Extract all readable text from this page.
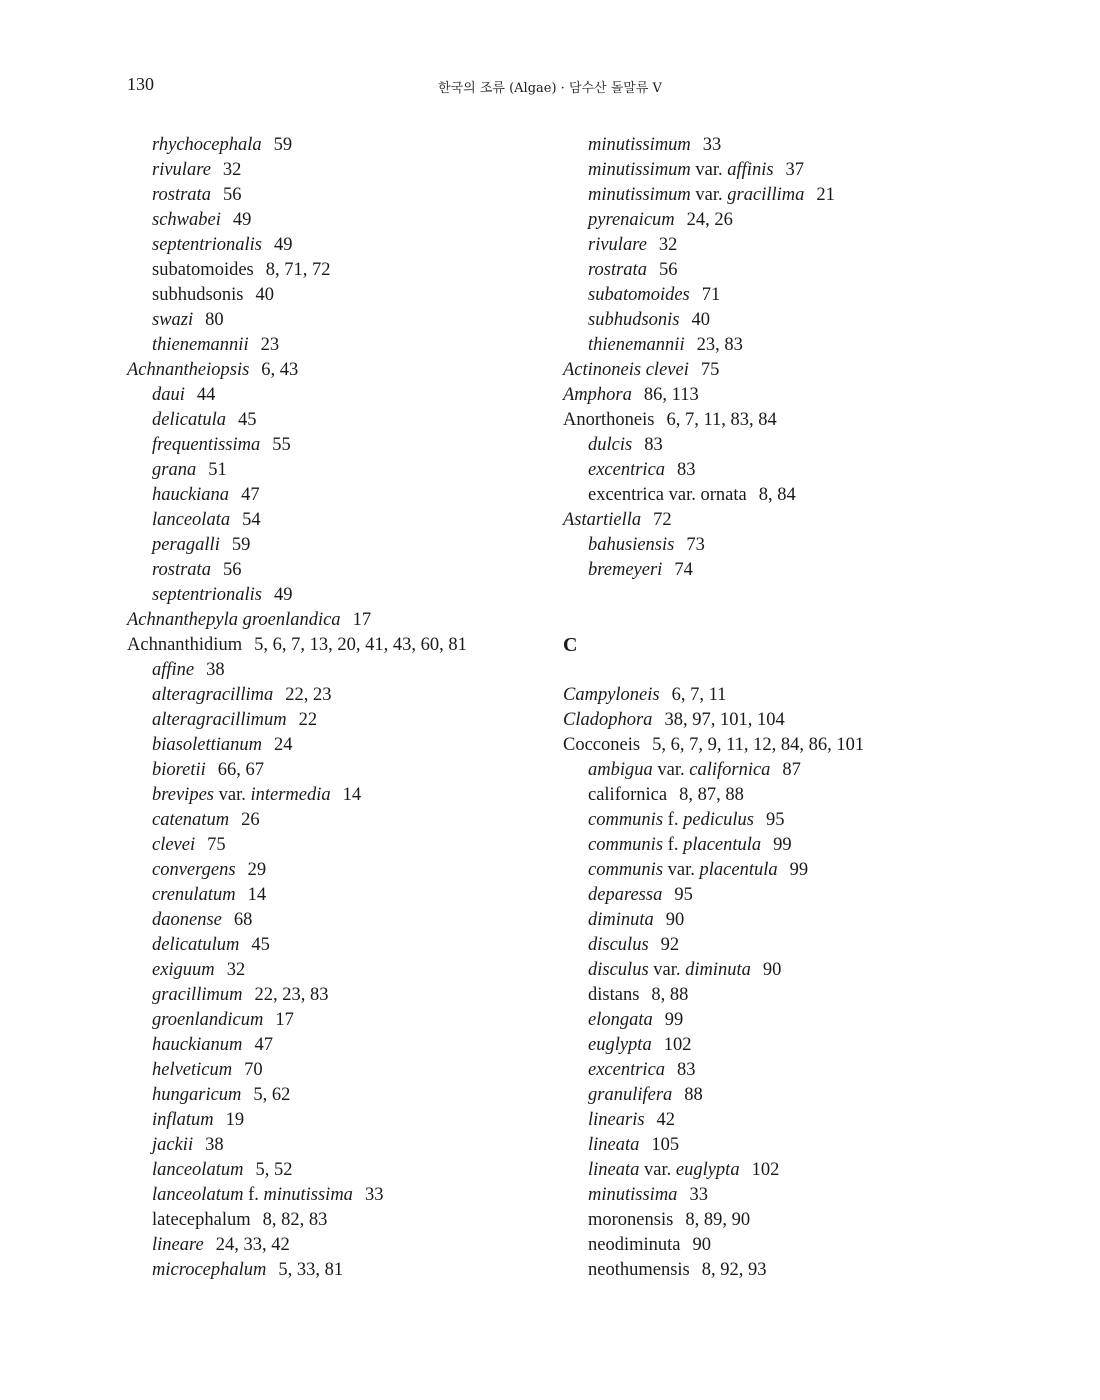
130	한국의 조류 (Algae) · 담수산 돌말류 V
rhychocephala 59
rivulare 32
rostrata 56
schwabei 49
septentrionalis 49
subatomoides 8, 71, 72
subhudsonis 40
swazi 80
thienemannii 23
Achnantheiopsis 6, 43
daui 44
delicatula 45
frequentissima 55
grana 51
hauckiana 47
lanceolata 54
peragalli 59
rostrata 56
septentrionalis 49
Achnanthepyla groenlandica 17
Achnanthidium 5, 6, 7, 13, 20, 41, 43, 60, 81
affine 38
alteragracillima 22, 23
alteragracillimum 22
biasolettianum 24
bioretii 66, 67
brevipes var. intermedia 14
catenatum 26
clevei 75
convergens 29
crenulatum 14
daonense 68
delicatulum 45
exiguum 32
gracillimum 22, 23, 83
groenlandicum 17
hauckianum 47
helveticum 70
hungaricum 5, 62
inflatum 19
jackii 38
lanceolatum 5, 52
lanceolatum f. minutissima 33
latecephalum 8, 82, 83
lineare 24, 33, 42
microcephalum 5, 33, 81
minutissimum 33
minutissimum var. affinis 37
minutissimum var. gracillima 21
pyrenaicum 24, 26
rivulare 32
rostrata 56
subatomoides 71
subhudsonis 40
thienemannii 23, 83
Actinoneis clevei 75
Amphora 86, 113
Anorthoneis 6, 7, 11, 83, 84
dulcis 83
excentrica 83
excentrica var. ornata 8, 84
Astartiella 72
bahusiensis 73
bremeyeri 74
C
Campyloneis 6, 7, 11
Cladophora 38, 97, 101, 104
Cocconeis 5, 6, 7, 9, 11, 12, 84, 86, 101
ambigua var. californica 87
californica 8, 87, 88
communis f. pediculus 95
communis f. placentula 99
communis var. placentula 99
deparessa 95
diminuta 90
disculus 92
disculus var. diminuta 90
distans 8, 88
elongata 99
euglypta 102
excentrica 83
granulifera 88
linearis 42
lineata 105
lineata var. euglypta 102
minutissima 33
moronensis 8, 89, 90
neodiminuta 90
neothumensis 8, 92, 93
